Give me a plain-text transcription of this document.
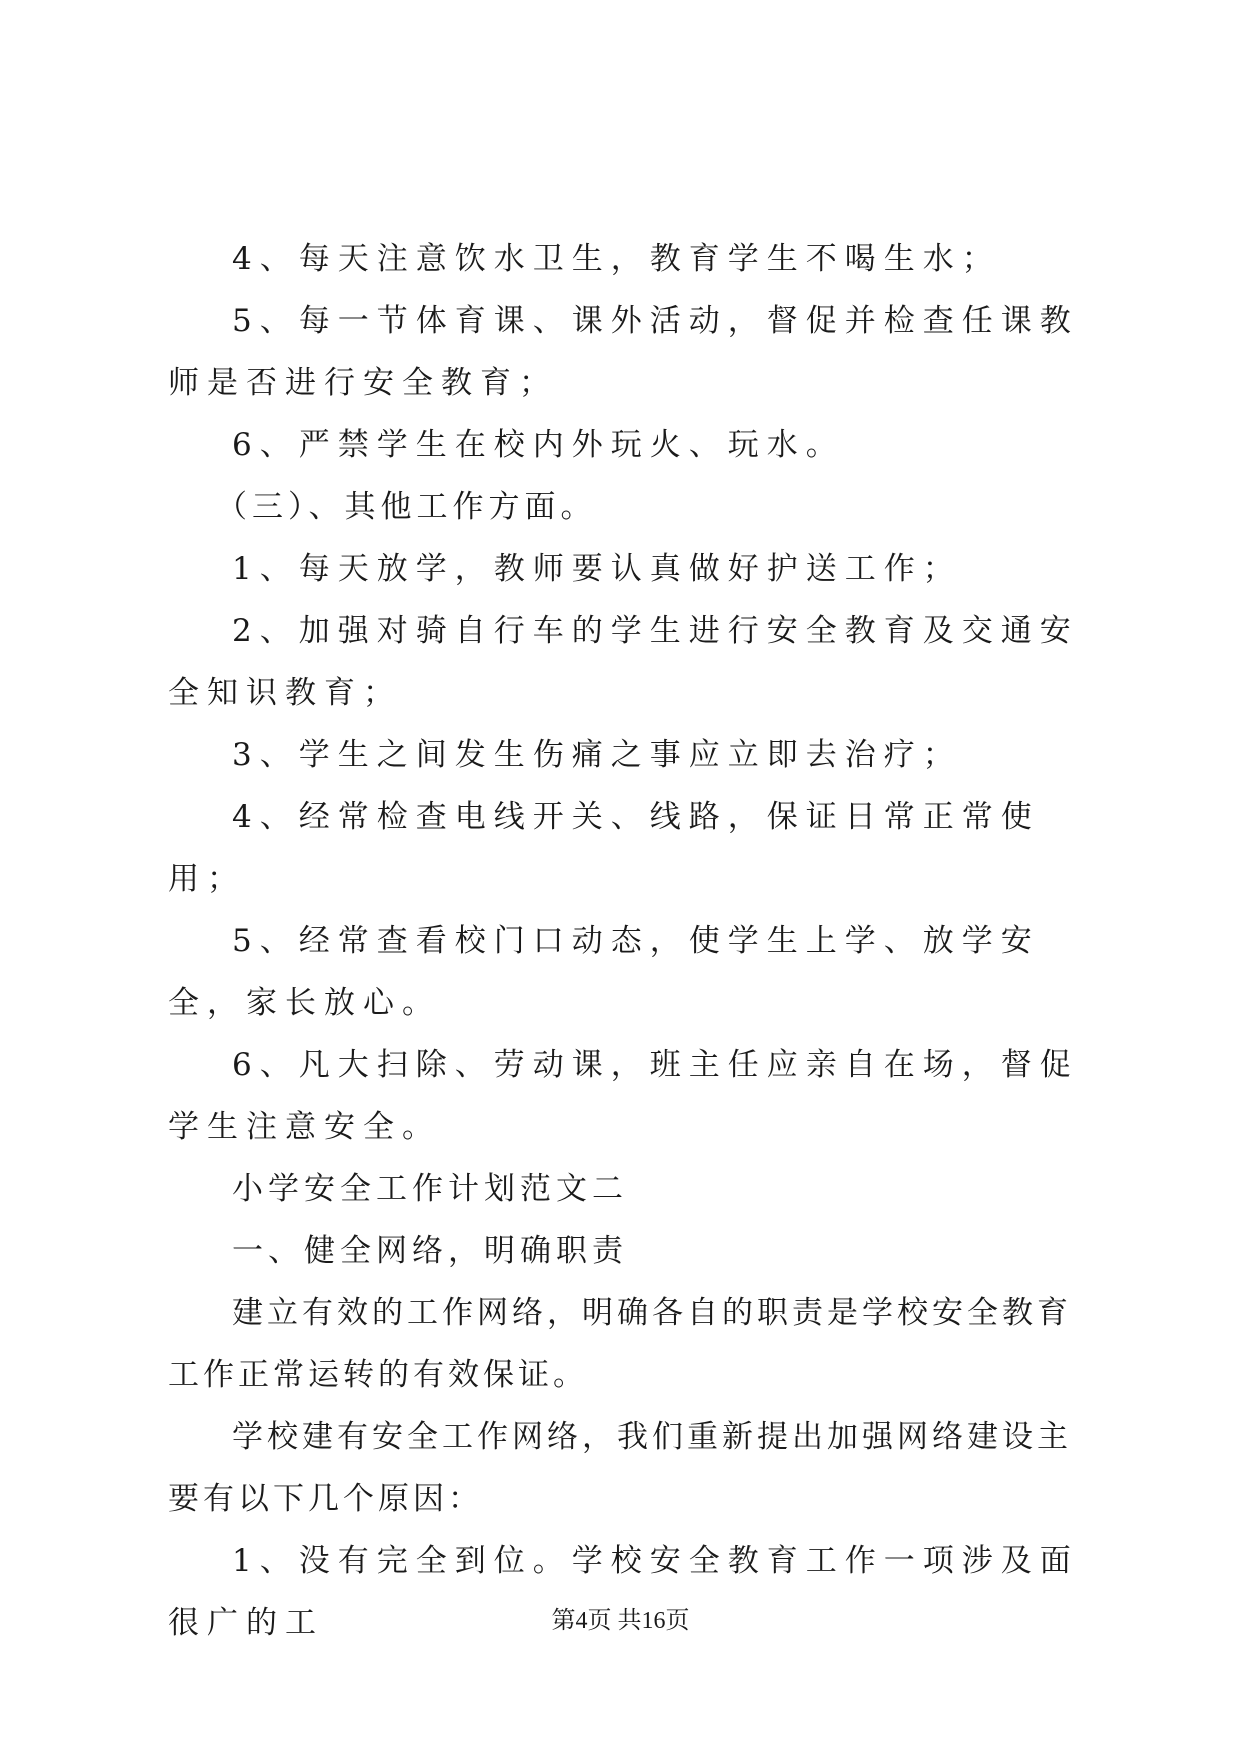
4、每天注意饮水卫生，教育学生不喝生水；

5、每一节体育课、课外活动，督促并检查任课教师是否进行安全教育；

6、严禁学生在校内外玩火、玩水。

（三）、其他工作方面。

1、每天放学，教师要认真做好护送工作；

2、加强对骑自行车的学生进行安全教育及交通安全知识教育；

3、学生之间发生伤痛之事应立即去治疗；

4、经常检查电线开关、线路，保证日常正常使用；

5、经常查看校门口动态，使学生上学、放学安全，家长放心。

6、凡大扫除、劳动课，班主任应亲自在场，督促学生注意安全。

小学安全工作计划范文二

一、健全网络，明确职责

建立有效的工作网络，明确各自的职责是学校安全教育工作正常运转的有效保证。

学校建有安全工作网络，我们重新提出加强网络建设主要有以下几个原因：

1、没有完全到位。学校安全教育工作一项涉及面很广的工	第4页 共16页
